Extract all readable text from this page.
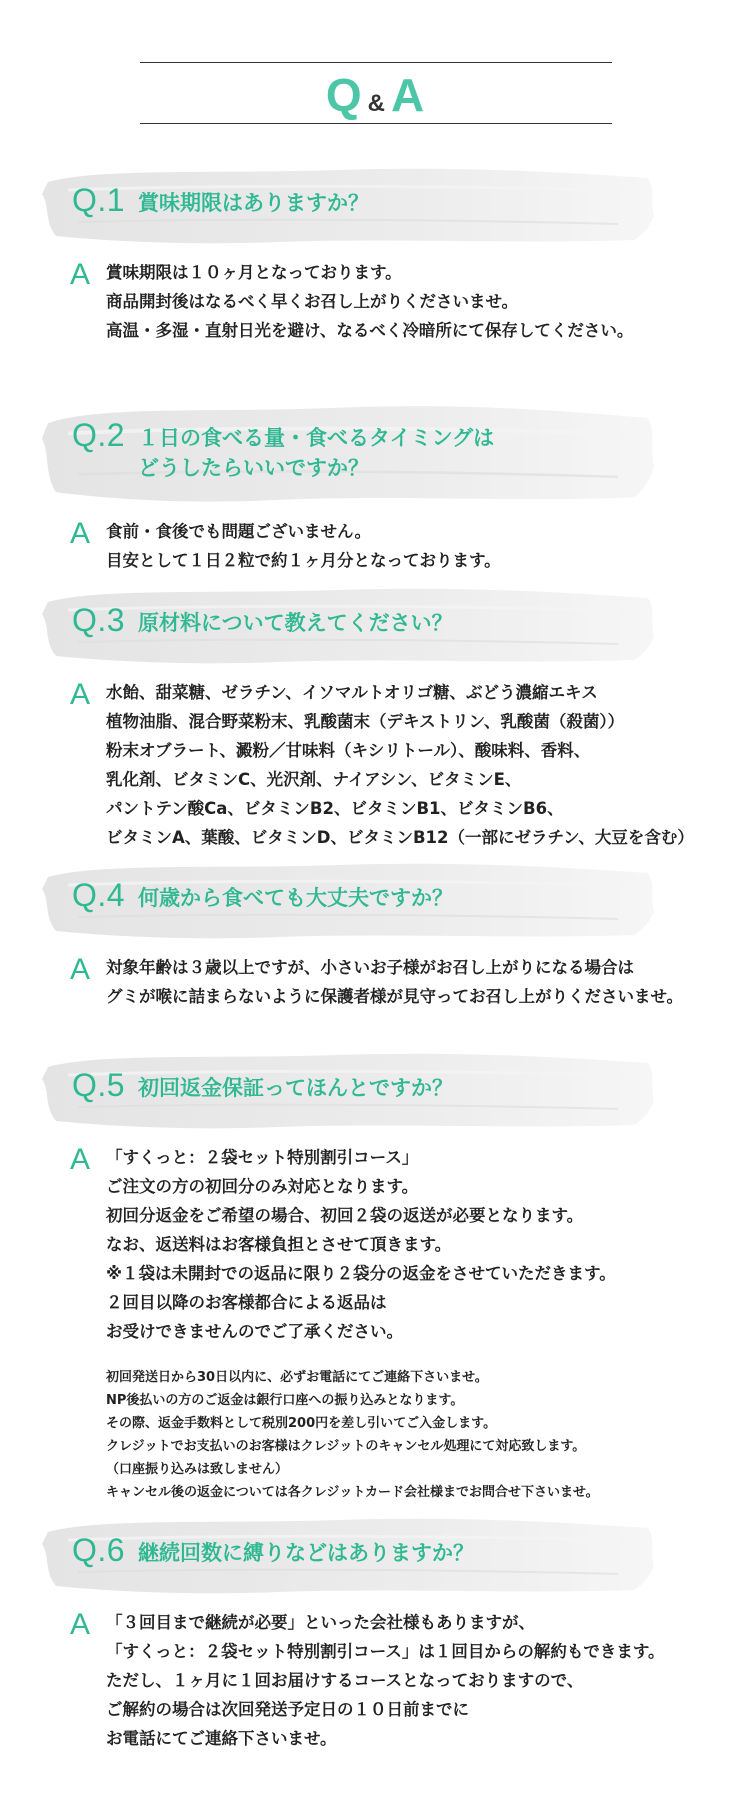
Q & A
Q.1 賞味期限はありますか？
A 賞味期限は１０ヶ月となっております。
商品開封後はなるべく早くお召し上がりくださいませ。
高温・多湿・直射日光を避け、なるべく冷暗所にて保存してください。
Q.2 １日の食べる量・食べるタイミングは
どうしたらいいですか？
A 食前・食後でも問題ございません。
目安として１日２粒で約１ヶ月分となっております。
Q.3 原材料について教えてください？
A 水飴、甜菜糖、ゼラチン、イソマルトオリゴ糖、ぶどう濃縮エキス
植物油脂、混合野菜粉末、乳酸菌末（デキストリン、乳酸菌（殺菌））
粉末オブラート、澱粉／甘味料（キシリトール）、酸味料、香料、
乳化剤、ビタミンC、光沢剤、ナイアシン、ビタミンE、
パントテン酸Ca、ビタミンB2、ビタミンB1、ビタミンB6、
ビタミンA、葉酸、ビタミンD、ビタミンB12（一部にゼラチン、大豆を含む）
Q.4 何歳から食べても大丈夫ですか？
A 対象年齢は３歳以上ですが、小さいお子様がお召し上がりになる場合は
グミが喉に詰まらないように保護者様が見守ってお召し上がりくださいませ。
Q.5 初回返金保証ってほんとですか？
A 「すくっと：２袋セット特別割引コース」
ご注文の方の初回分のみ対応となります。
初回分返金をご希望の場合、初回２袋の返送が必要となります。
なお、返送料はお客様負担とさせて頂きます。
※１袋は未開封での返品に限り２袋分の返金をさせていただきます。
２回目以降のお客様都合による返品は
お受けできませんのでご了承ください。
初回発送日から30日以内に、必ずお電話にてご連絡下さいませ。
NP後払いの方のご返金は銀行口座への振り込みとなります。
その際、返金手数料として税別200円を差し引いてご入金します。
クレジットでお支払いのお客様はクレジットのキャンセル処理にて対応致します。
（口座振り込みは致しません）
キャンセル後の返金については各クレジットカード会社様までお問合せ下さいませ。
Q.6 継続回数に縛りなどはありますか？
A 「３回目まで継続が必要」といった会社様もありますが、
「すくっと：２袋セット特別割引コース」は１回目からの解約もできます。
ただし、１ヶ月に１回お届けするコースとなっておりますので、
ご解約の場合は次回発送予定日の１０日前までに
お電話にてご連絡下さいませ。
